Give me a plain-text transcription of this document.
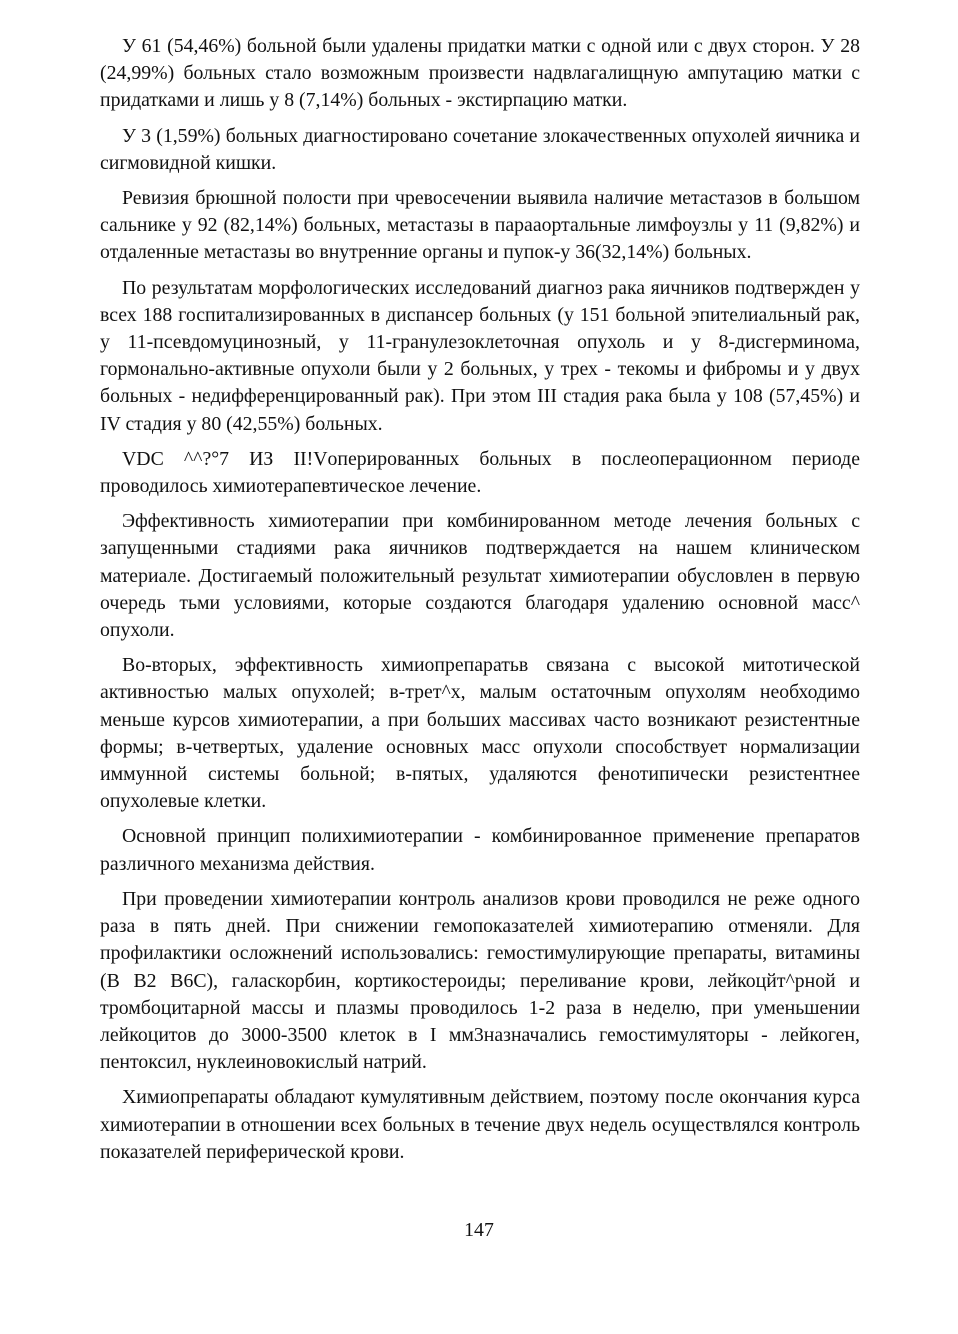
У 61 (54,46%) больной были удалены придатки матки с одной или с двух сторон. У 28 (24,99%) больных стало возможным произвести надвлагалищную ампутацию матки с придатками и лишь у 8 (7,14%) больных - экстирпацию матки.

У 3 (1,59%) больных диагностировано сочетание злокачественных опухолей яичника и сигмовидной кишки.

Ревизия брюшной полости при чревосечении выявила наличие метастазов в большом сальнике у 92 (82,14%) больных, метастазы в парааортальные лимфоузлы у 11 (9,82%) и отдаленные метастазы во внутренние органы и пупок-у 36(32,14%) больных.

По результатам морфологических исследований диагноз рака яичников подтвержден у всех 188 госпитализированных в диспансер больных (у 151 больной эпителиальный рак, у 11-псевдомуцинозный, у 11-гранулезоклеточная опухоль и у 8-дисгерминома, гормонально-активные опухоли были у 2 больных, у трех - текомы и фибромы и у двух больных - недифференцированный рак). При этом III стадия рака была у 108 (57,45%) и IV стадия у 80 (42,55%) больных.

VDC ^^?°7 ИЗ II!Vоперированных больных в послеоперационном периоде проводилось химиотерапевтическое лечение.

Эффективность химиотерапии при комбинированном методе лечения больных с запущенными стадиями рака яичников подтверждается на нашем клиническом материале. Достигаемый положительный результат химиотерапии обусловлен в первую очередь тьми условиями, которые создаются благодаря удалению основной масс^ опухоли.

Во-вторых, эффективность химиопрепаратьв связана с высокой митотической активностью малых опухолей; в-трет^х, малым остаточным опухолям необходимо меньше курсов химиотерапии, а при больших массивах часто возникают резистентные формы; в-четвертых, удаление основных масс опухоли способствует нормализации иммунной системы больной; в-пятых, удаляются фенотипически резистентнее опухолевые клетки.

Основной принцип полихимиотерапии - комбинированное применение препаратов различного механизма действия.

При проведении химиотерапии контроль анализов крови проводился не реже одного раза в пять дней. При снижении гемопоказателей химиотерапию отменяли. Для профилактики осложнений использовались: гемостимулирующие препараты, витамины (В В2 В6С), галаскорбин, кортикостероиды; переливание крови, лейкоцйт^рной и тромбоцитарной массы и плазмы проводилось 1-2 раза в неделю, при уменьшении лейкоцитов до 3000-3500 клеток в I мм3назначались гемостимуляторы - лейкоген, пентоксил, нуклеиновокислый натрий.

Химиопрепараты обладают кумулятивным действием, поэтому после окончания курса химиотерапии в отношении всех больных в течение двух недель осуществлялся контроль показателей периферической крови.

147
